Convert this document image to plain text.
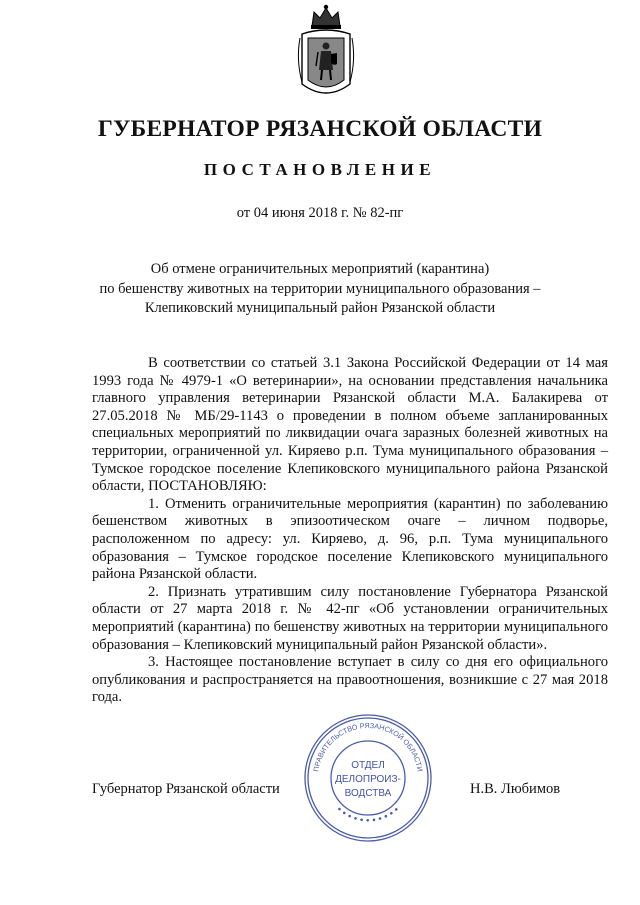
ГУБЕРНАТОР РЯЗАНСКОЙ ОБЛАСТИ
ПОСТАНОВЛЕНИЕ
от 04 июня 2018 г. № 82-пг
Об отмене ограничительных мероприятий (карантина)
по бешенству животных на территории муниципального образования –
Клепиковский муниципальный район Рязанской области

В соответствии со статьей 3.1 Закона Российской Федерации от 14 мая 1993 года № 4979-1 «О ветеринарии», на основании представления начальника главного управления ветеринарии Рязанской области М.А. Балакирева от 27.05.2018 № МБ/29-1143 о проведении в полном объеме запланированных специальных мероприятий по ликвидации очага заразных болезней животных на территории, ограниченной ул. Киряево р.п. Тума муниципального образования – Тумское городское поселение Клепиковского муниципального района Рязанской области, ПОСТАНОВЛЯЮ:

1. Отменить ограничительные мероприятия (карантин) по заболеванию бешенством животных в эпизоотическом очаге – личном подворье, расположенном по адресу: ул. Киряево, д. 96, р.п. Тума муниципального образования – Тумское городское поселение Клепиковского муниципального района Рязанской области.

2. Признать утратившим силу постановление Губернатора Рязанской области от 27 марта 2018 г. № 42-пг «Об установлении ограничительных мероприятий (карантина) по бешенству животных на территории муниципального образования – Клепиковский муниципальный район Рязанской области».

3. Настоящее постановление вступает в силу со дня его официального опубликования и распространяется на правоотношения, возникшие с 27 мая 2018 года.

Губернатор Рязанской области	Н.В. Любимов
ПРАВИТЕЛЬСТВО РЯЗАНСКОЙ ОБЛАСТИ
● ● ● ● ● ● ● ● ● ● ●
ОТДЕЛ
ДЕЛОПРОИЗ-
ВОДСТВА
